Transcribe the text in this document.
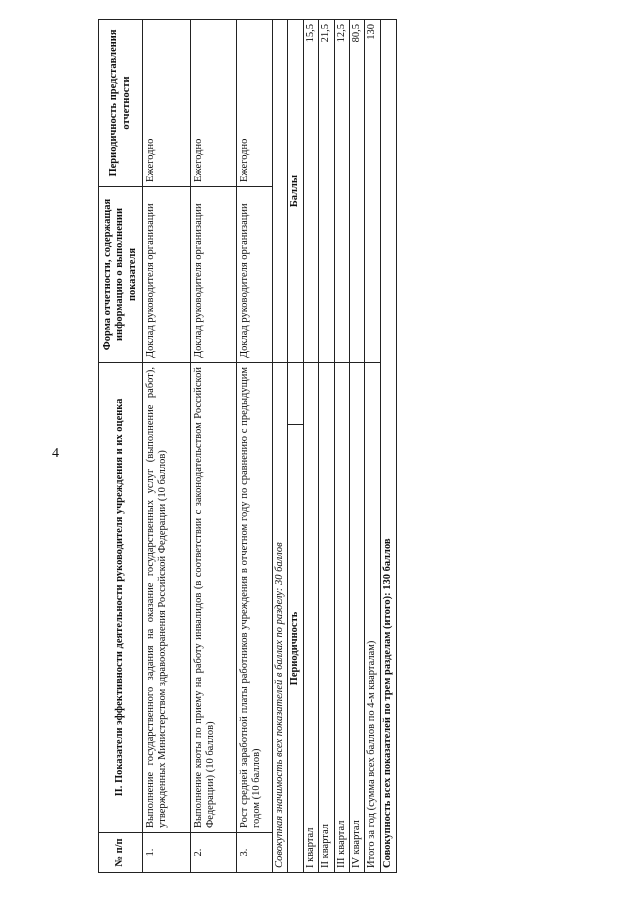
4
№ п/п	II. Показатели эффективности деятельности руководителя учреждения и их оценка		Форма отчетности, содержащая информацию о выполнении показателя	Периодичность представления отчетности
1.	Выполнение государственного задания на оказание государственных услуг (выполнение работ), утвержденных Министерством здравоохранения Российской Федерации (10 баллов)		Доклад руководителя организации	Ежегодно
2.	Выполнение квоты по приему на работу инвалидов (в соответствии с законодательством Российской Федерации) (10 баллов)		Доклад руководителя организации	Ежегодно
3.	Рост средней заработной платы работников учреждения в отчетном году по сравнению с предыдущим годом (10 баллов)		Доклад руководителя организации	Ежегодно
Совокупная значимость всех показателей в баллах по разделу: 30 баллов				
Периодичность			Баллы	
I квартал			15,5	
II квартал			21,5	
III квартал			12,5	
IV квартал			80,5	
Итого за год (сумма всех баллов по 4-м кварталам)			130	
Совокупность всех показателей по трем разделам (итого): 130 баллов				
